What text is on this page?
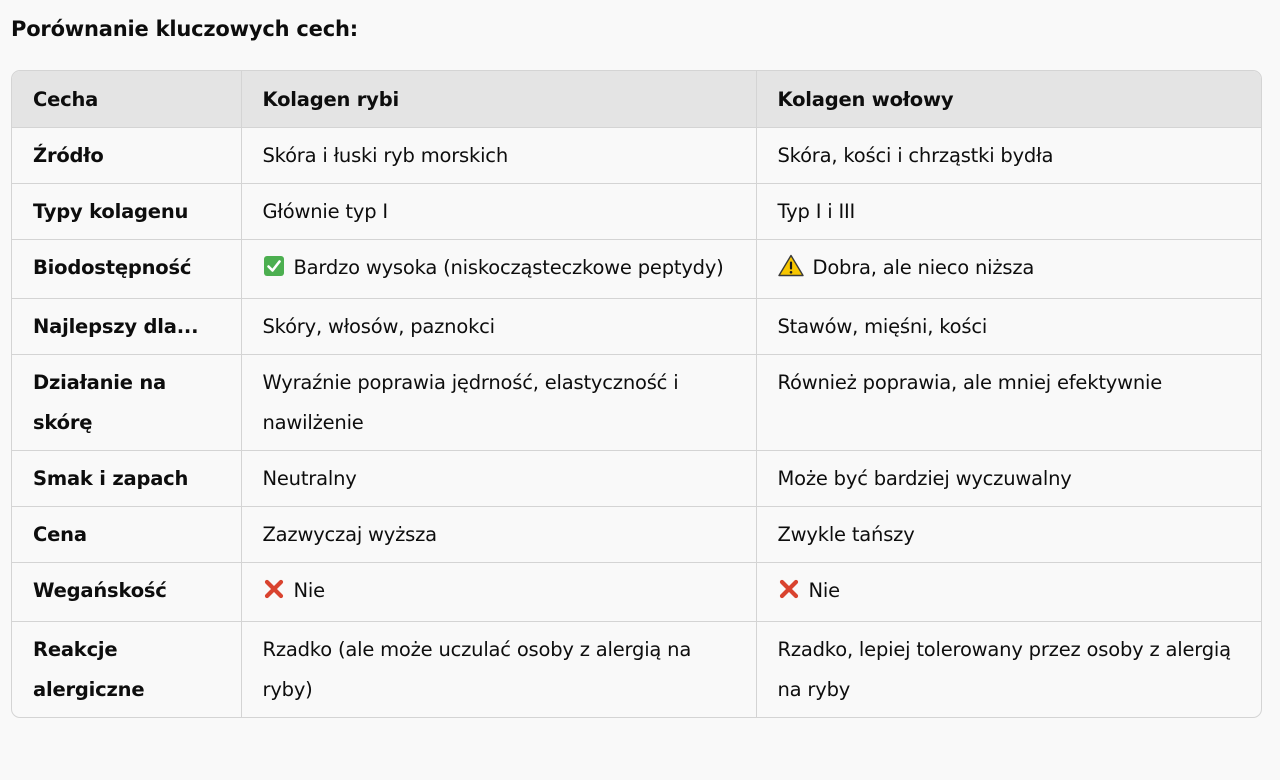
Porównanie kluczowych cech:
Cecha	Kolagen rybi	Kolagen wołowy
Źródło	Skóra i łuski ryb morskich	Skóra, kości i chrząstki bydła
Typy kolagenu	Głównie typ I	Typ I i III
Biodostępność	Bardzo wysoka (niskocząsteczkowe peptydy)	Dobra, ale nieco niższa
Najlepszy dla...	Skóry, włosów, paznokci	Stawów, mięśni, kości
Działanie na skórę	Wyraźnie poprawia jędrność, elastyczność i nawilżenie	Również poprawia, ale mniej efektywnie
Smak i zapach	Neutralny	Może być bardziej wyczuwalny
Cena	Zazwyczaj wyższa	Zwykle tańszy
Wegańskość	Nie	Nie
Reakcje alergiczne	Rzadko (ale może uczulać osoby z alergią na ryby)	Rzadko, lepiej tolerowany przez osoby z alergią na ryby
